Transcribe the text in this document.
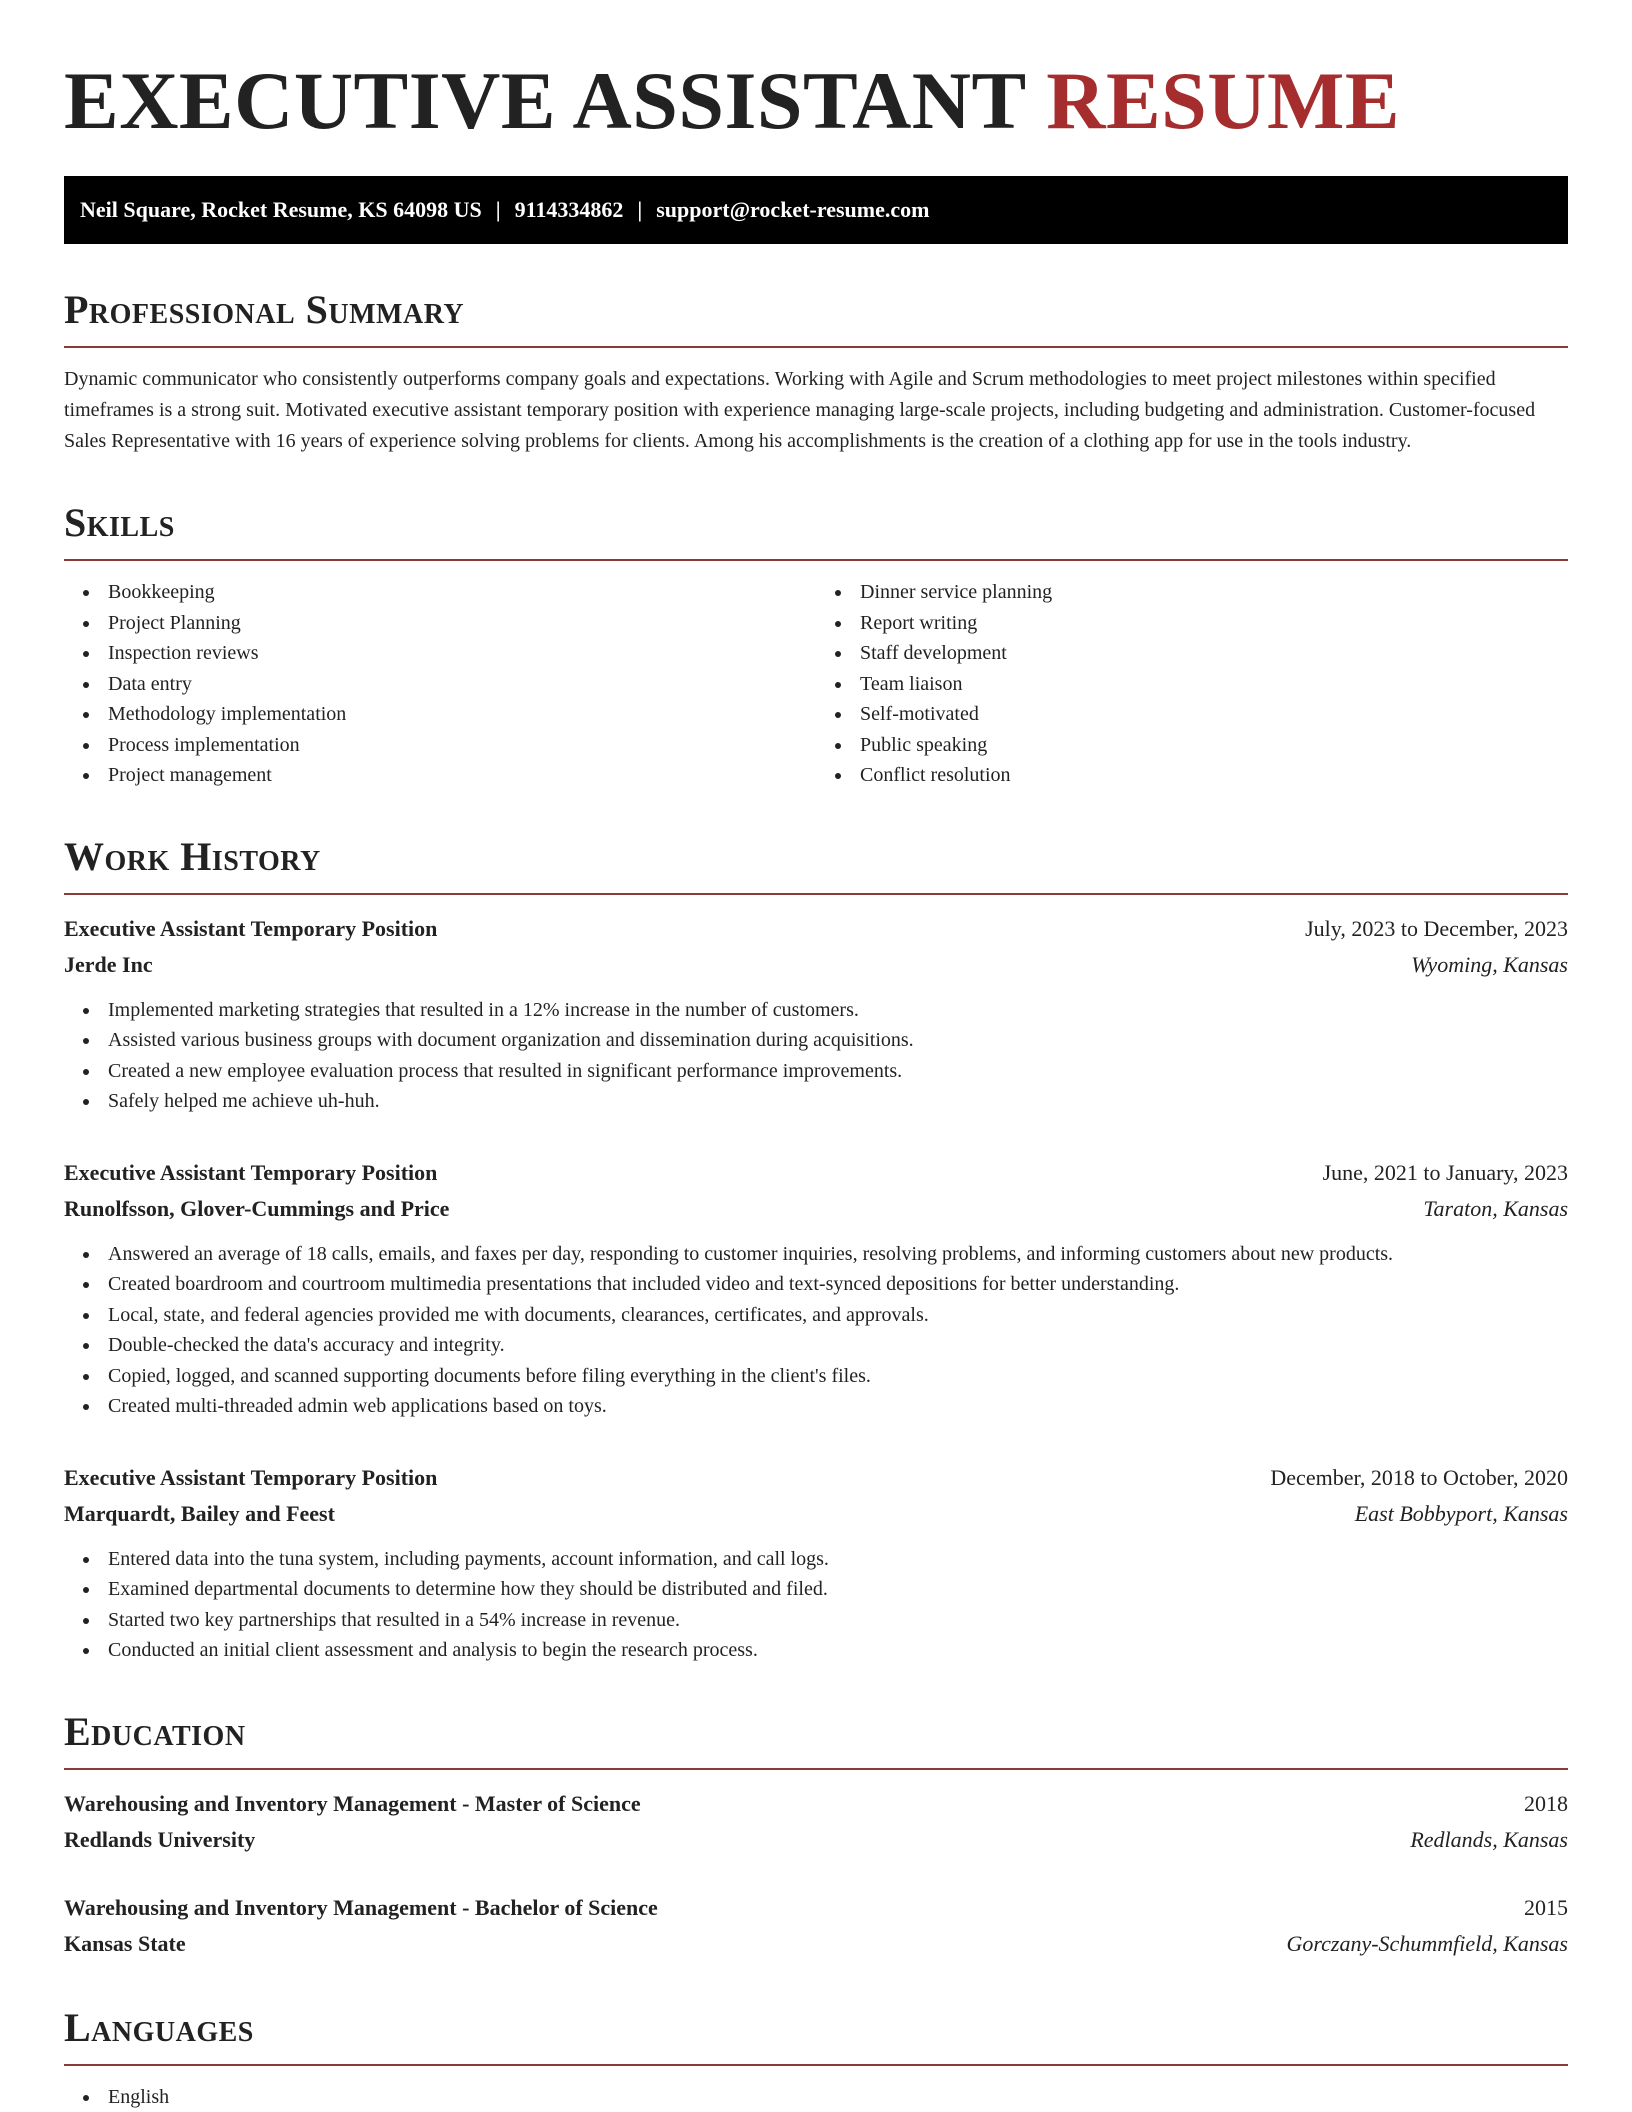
EXECUTIVE ASSISTANT RESUME
Neil Square, Rocket Resume, KS 64098 US | 9114334862 | support@rocket-resume.com
Professional Summary

Dynamic communicator who consistently outperforms company goals and expectations. Working with Agile and Scrum methodologies to meet project milestones within specified timeframes is a strong suit. Motivated executive assistant temporary position with experience managing large-scale projects, including budgeting and administration. Customer-focused Sales Representative with 16 years of experience solving problems for clients. Among his accomplishments is the creation of a clothing app for use in the tools industry.

Skills
Bookkeeping
Project Planning
Inspection reviews
Data entry
Methodology implementation
Process implementation
Project management
Dinner service planning
Report writing
Staff development
Team liaison
Self-motivated
Public speaking
Conflict resolution
Work History
Executive Assistant Temporary Position	July, 2023 to December, 2023
Jerde Inc	Wyoming, Kansas
Implemented marketing strategies that resulted in a 12% increase in the number of customers.
Assisted various business groups with document organization and dissemination during acquisitions.
Created a new employee evaluation process that resulted in significant performance improvements.
Safely helped me achieve uh-huh.
Executive Assistant Temporary Position	June, 2021 to January, 2023
Runolfsson, Glover-Cummings and Price	Taraton, Kansas
Answered an average of 18 calls, emails, and faxes per day, responding to customer inquiries, resolving problems, and informing customers about new products.
Created boardroom and courtroom multimedia presentations that included video and text-synced depositions for better understanding.
Local, state, and federal agencies provided me with documents, clearances, certificates, and approvals.
Double-checked the data's accuracy and integrity.
Copied, logged, and scanned supporting documents before filing everything in the client's files.
Created multi-threaded admin web applications based on toys.
Executive Assistant Temporary Position	December, 2018 to October, 2020
Marquardt, Bailey and Feest	East Bobbyport, Kansas
Entered data into the tuna system, including payments, account information, and call logs.
Examined departmental documents to determine how they should be distributed and filed.
Started two key partnerships that resulted in a 54% increase in revenue.
Conducted an initial client assessment and analysis to begin the research process.
Education
Warehousing and Inventory Management - Master of Science	2018
Redlands University	Redlands, Kansas
Warehousing and Inventory Management - Bachelor of Science	2015
Kansas State	Gorczany-Schummfield, Kansas
Languages
English
